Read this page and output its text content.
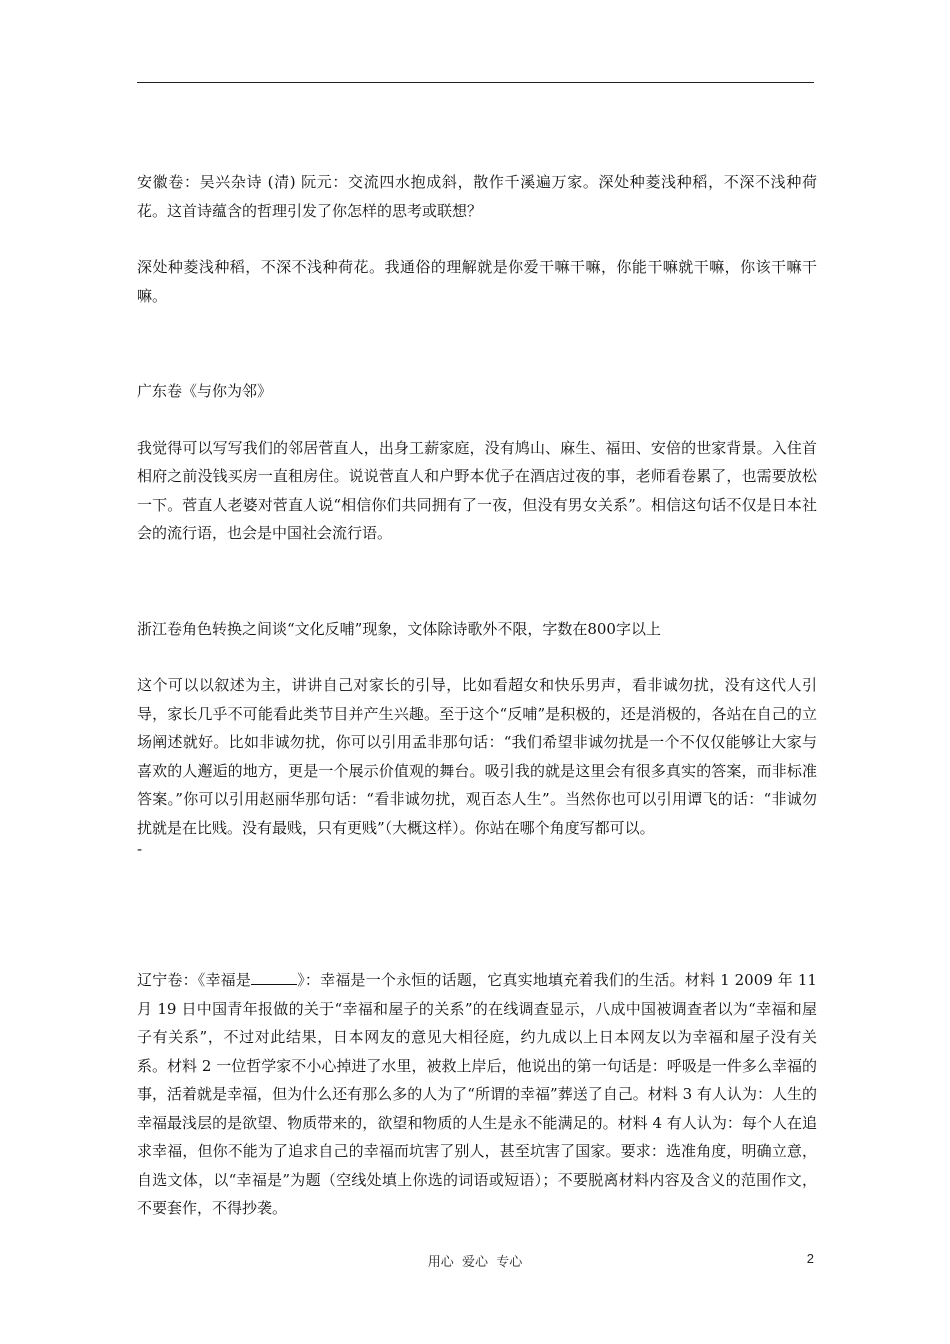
安徽卷：吴兴杂诗 (清) 阮元：交流四水抱成斜，散作千溪遍万家。深处种菱浅种稻，不深不浅种荷花。这首诗蕴含的哲理引发了你怎样的思考或联想？

深处种菱浅种稻，不深不浅种荷花。我通俗的理解就是你爱干嘛干嘛，你能干嘛就干嘛，你该干嘛干嘛。

广东卷《与你为邻》

我觉得可以写写我们的邻居菅直人，出身工薪家庭，没有鸠山、麻生、福田、安倍的世家背景。入住首相府之前没钱买房一直租房住。说说菅直人和户野本优子在酒店过夜的事，老师看卷累了，也需要放松一下。菅直人老婆对菅直人说“相信你们共同拥有了一夜，但没有男女关系”。相信这句话不仅是日本社会的流行语，也会是中国社会流行语。

浙江卷角色转换之间谈“文化反哺”现象，文体除诗歌外不限，字数在800字以上

这个可以以叙述为主，讲讲自己对家长的引导，比如看超女和快乐男声，看非诚勿扰，没有这代人引导，家长几乎不可能看此类节目并产生兴趣。至于这个“反哺”是积极的，还是消极的，各站在自己的立场阐述就好。比如非诚勿扰，你可以引用孟非那句话：“我们希望非诚勿扰是一个不仅仅能够让大家与喜欢的人邂逅的地方，更是一个展示价值观的舞台。吸引我的就是这里会有很多真实的答案，而非标准答案。”你可以引用赵丽华那句话：“看非诚勿扰，观百态人生”。当然你也可以引用谭飞的话：“非诚勿扰就是在比贱。没有最贱，只有更贱”（大概这样）。你站在哪个角度写都可以。

-

辽宁卷：《幸福是	》：幸福是一个永恒的话题，它真实地填充着我们的生活。材料 1 2009 年 11 月 19 日中国青年报做的关于“幸福和屋子的关系”的在线调查显示，八成中国被调查者以为“幸福和屋子有关系”，不过对此结果，日本网友的意见大相径庭，约九成以上日本网友以为幸福和屋子没有关系。材料 2 一位哲学家不小心掉进了水里，被救上岸后，他说出的第一句话是：呼吸是一件多么幸福的事，活着就是幸福，但为什么还有那么多的人为了“所谓的幸福”葬送了自己。材料 3 有人认为：人生的幸福最浅层的是欲望、物质带来的，欲望和物质的人生是永不能满足的。材料 4 有人认为：每个人在追求幸福，但你不能为了追求自己的幸福而坑害了别人，甚至坑害了国家。要求：选准角度，明确立意，自选文体，以“幸福是”为题（空线处填上你选的词语或短语）；不要脱离材料内容及含义的范围作文，不要套作，不得抄袭。

用心  爱心  专心	2
